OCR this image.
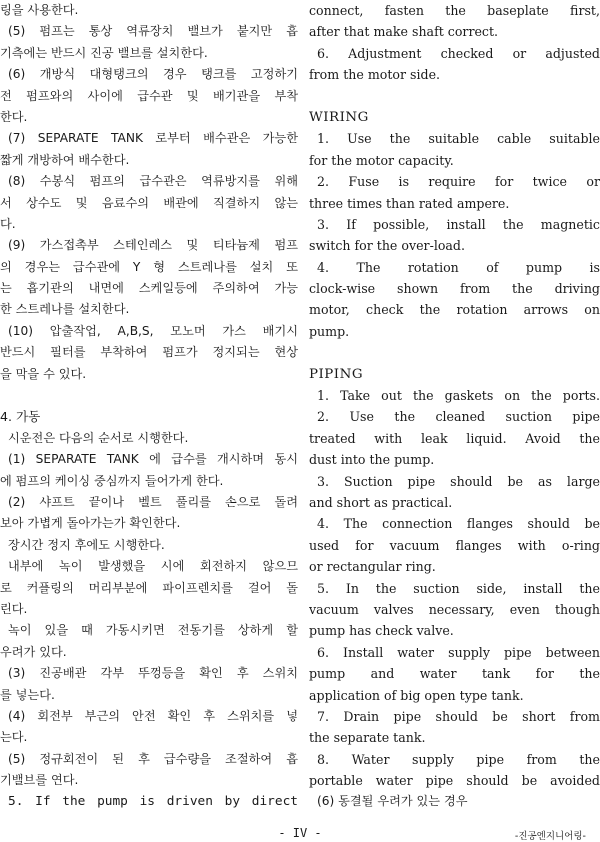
링을 사용한다.
(5) 펌프는 통상 역류장치 밸브가 붙지만 흡
기측에는 반드시 진공 밸브를 설치한다.
(6) 개방식 대형탱크의 경우 탱크를 고정하기
전 펌프와의 사이에 급수관 및 배기관을 부착
한다.
(7) SEPARATE TANK 로부터 배수관은 가능한
짧게 개방하여 배수한다.
(8) 수봉식 펌프의 급수관은 역류방지를 위해
서 상수도 및 음료수의 배관에 직결하지 않는
다.
(9) 가스접촉부 스테인레스 및 티타늄제 펌프
의 경우는 급수관에 Y 형 스트레나를 설치 또
는 흡기관의 내면에 스케일등에 주의하여 가능
한 스트레나를 설치한다.
(10) 압출작업, A,B,S, 모노머 가스 배기시
반드시 필터를 부착하여 펌프가 정지되는 현상
을 막을 수 있다.
4. 가동
시운전은 다음의 순서로 시행한다.
(1) SEPARATE TANK 에 급수를 개시하며 동시
에 펌프의 케이싱 중심까지 들어가게 한다.
(2) 샤프트 끝이나 벨트 풀리를 손으로 돌려
보아 가볍게 돌아가는가 확인한다.
장시간 정지 후에도 시행한다.
내부에 녹이 발생했을 시에 회전하지 않으므
로 커플링의 머리부분에 파이프렌치를 걸어 돌
린다.
녹이 있을 때 가동시키면 전동기를 상하게 할
우려가 있다.
(3) 진공배관 각부 뚜껑등을 확인 후 스위치
를 넣는다.
(4) 회전부 부근의 안전 확인 후 스위치를 넣
는다.
(5) 정규회전이 된 후 급수량을 조절하여 흡
기밸브를 연다.
5. If the pump is driven by direct
connect, fasten the baseplate first,
after that make shaft correct.
6. Adjustment checked or adjusted
from the motor side.
WIRING
1. Use the suitable cable suitable
for the motor capacity.
2. Fuse is require for twice or
three times than rated ampere.
3. If possible, install the magnetic
switch for the over-load.
4. The rotation of pump is
clock-wise shown from the driving
motor, check the rotation arrows on
pump.
PIPING
1. Take out the gaskets on the ports.
2. Use the cleaned suction pipe
treated with leak liquid. Avoid the
dust into the pump.
3. Suction pipe should be as large
and short as practical.
4. The connection flanges should be
used for vacuum flanges with o-ring
or rectangular ring.
5. In the suction side, install the
vacuum valves necessary, even though
pump has check valve.
6. Install water supply pipe between
pump and water tank for the
application of big open type tank.
7. Drain pipe should be short from
the separate tank.
8. Water supply pipe from the
portable water pipe should be avoided
(6) 동결될 우려가 있는 경우
- IV -	-진공엔지니어링-
